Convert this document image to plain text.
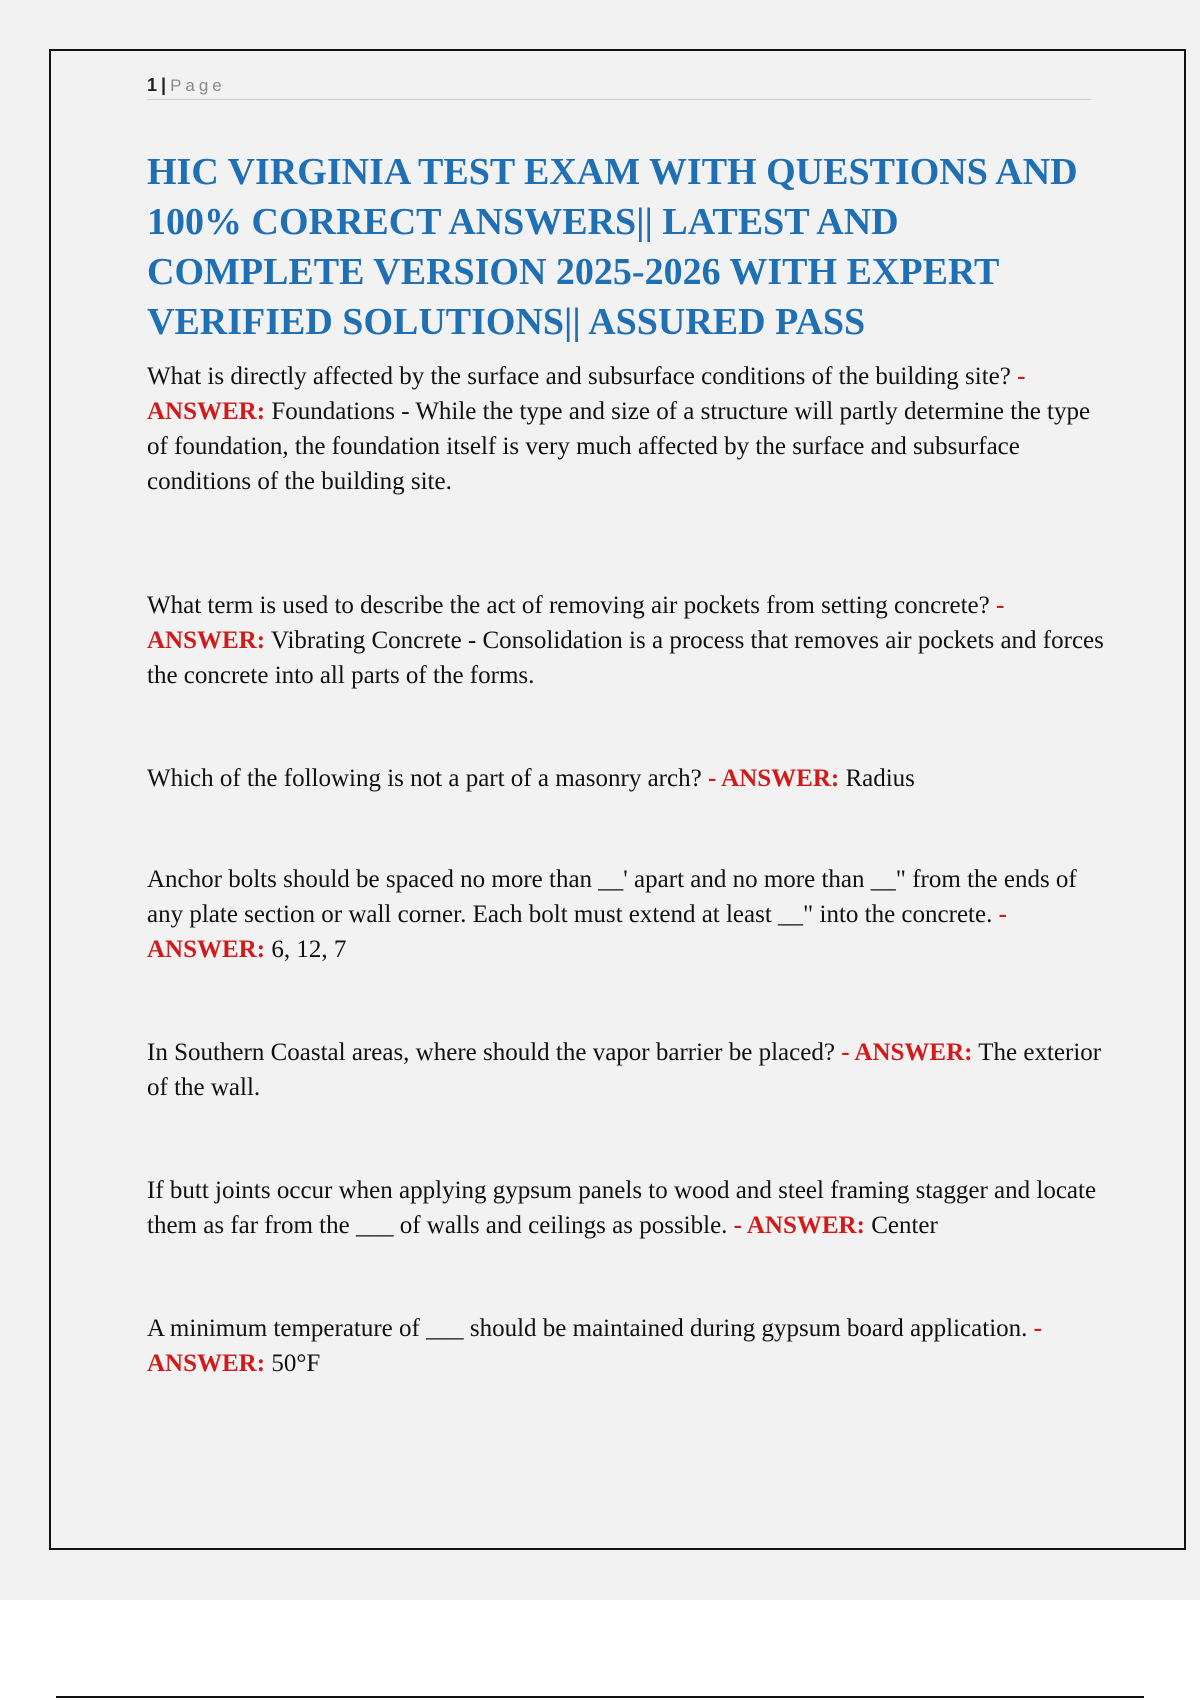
1 | Page
HIC VIRGINIA TEST EXAM WITH QUESTIONS AND 100% CORRECT ANSWERS|| LATEST AND COMPLETE VERSION 2025-2026 WITH EXPERT VERIFIED SOLUTIONS|| ASSURED PASS

What is directly affected by the surface and subsurface conditions of the building site? - ANSWER: Foundations - While the type and size of a structure will partly determine the type of foundation, the foundation itself is very much affected by the surface and subsurface conditions of the building site.

What term is used to describe the act of removing air pockets from setting concrete? - ANSWER: Vibrating Concrete - Consolidation is a process that removes air pockets and forces the concrete into all parts of the forms.

Which of the following is not a part of a masonry arch? - ANSWER: Radius

Anchor bolts should be spaced no more than __' apart and no more than __" from the ends of any plate section or wall corner. Each bolt must extend at least __" into the concrete. - ANSWER: 6, 12, 7

In Southern Coastal areas, where should the vapor barrier be placed? - ANSWER: The exterior of the wall.

If butt joints occur when applying gypsum panels to wood and steel framing stagger and locate them as far from the ___ of walls and ceilings as possible. - ANSWER: Center

A minimum temperature of ___ should be maintained during gypsum board application. - ANSWER: 50°F
